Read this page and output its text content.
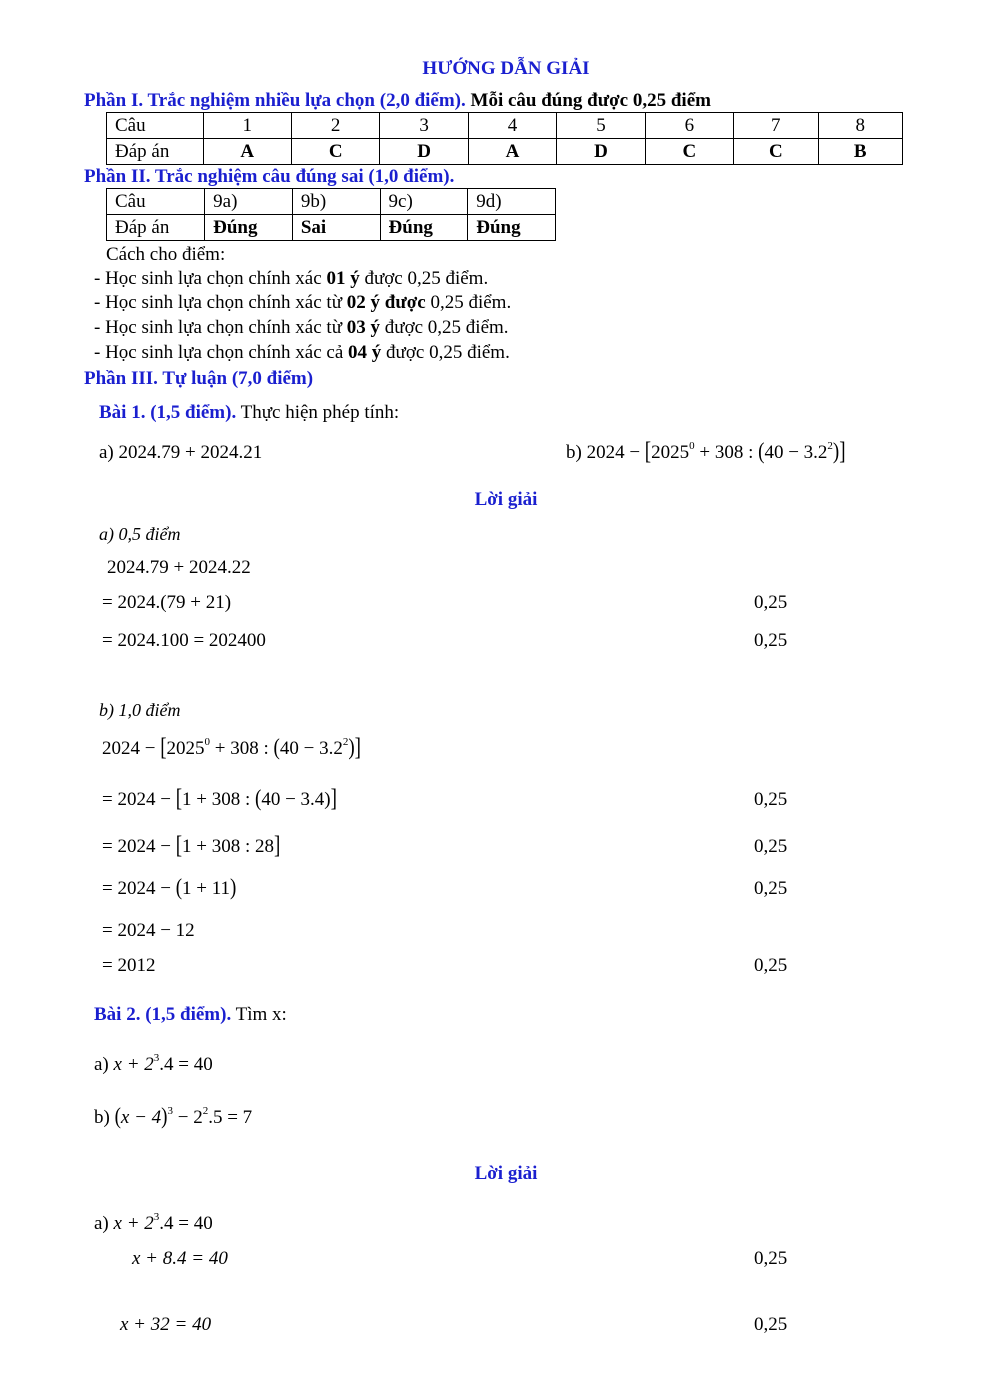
HƯỚNG DẪN GIẢI
Phần I. Trắc nghiệm nhiều lựa chọn (2,0 điểm). Mỗi câu đúng được 0,25 điểm
Câu	1	2	3	4	5	6	7	8
Đáp án	A	C	D	A	D	C	C	B
Phần II. Trắc nghiệm câu đúng sai (1,0 điểm).
Câu	9a)	9b)	9c)	9d)
Đáp án	Đúng	Sai	Đúng	Đúng
Cách cho điểm:
- Học sinh lựa chọn chính xác 01 ý được 0,25 điểm.
- Học sinh lựa chọn chính xác từ 02 ý được 0,25 điểm.
- Học sinh lựa chọn chính xác từ 03 ý được 0,25 điểm.
- Học sinh lựa chọn chính xác cả 04 ý được 0,25 điểm.
Phần III. Tự luận (7,0 điểm)
Bài 1. (1,5 điểm). Thực hiện phép tính:
a) 2024.79 + 2024.21	b) $2024 - [2025^0 + 308$ : $(40 - 3.2^2)$]
Lời giải
a) 0,5 điểm
2024.79 + 2024.22
= 2024.(79 + 21)	0,25
= 2024.100 = 202400	0,25
b) 1,0 điểm
$2024 - [2025^0 + 308$ : $(40 - 3.2^2)$]
= 2024 − [1 + 308 : (40 − 3.4)]	0,25
= 2024 − [1 + 308 : 28]	0,25
= 2024 − (1 + 11)	0,25
= 2024 − 12
= 2012	0,25
Bài 2. (1,5 điểm). Tìm x:
a) $x + 2^3.4 = 40$
b) $(x - 4)^3 - 2^2.5 = 7$
Lời giải
a) $x + 2^3.4 = 40$
x + 8.4 = 40	0,25
x + 32 = 40	0,25
